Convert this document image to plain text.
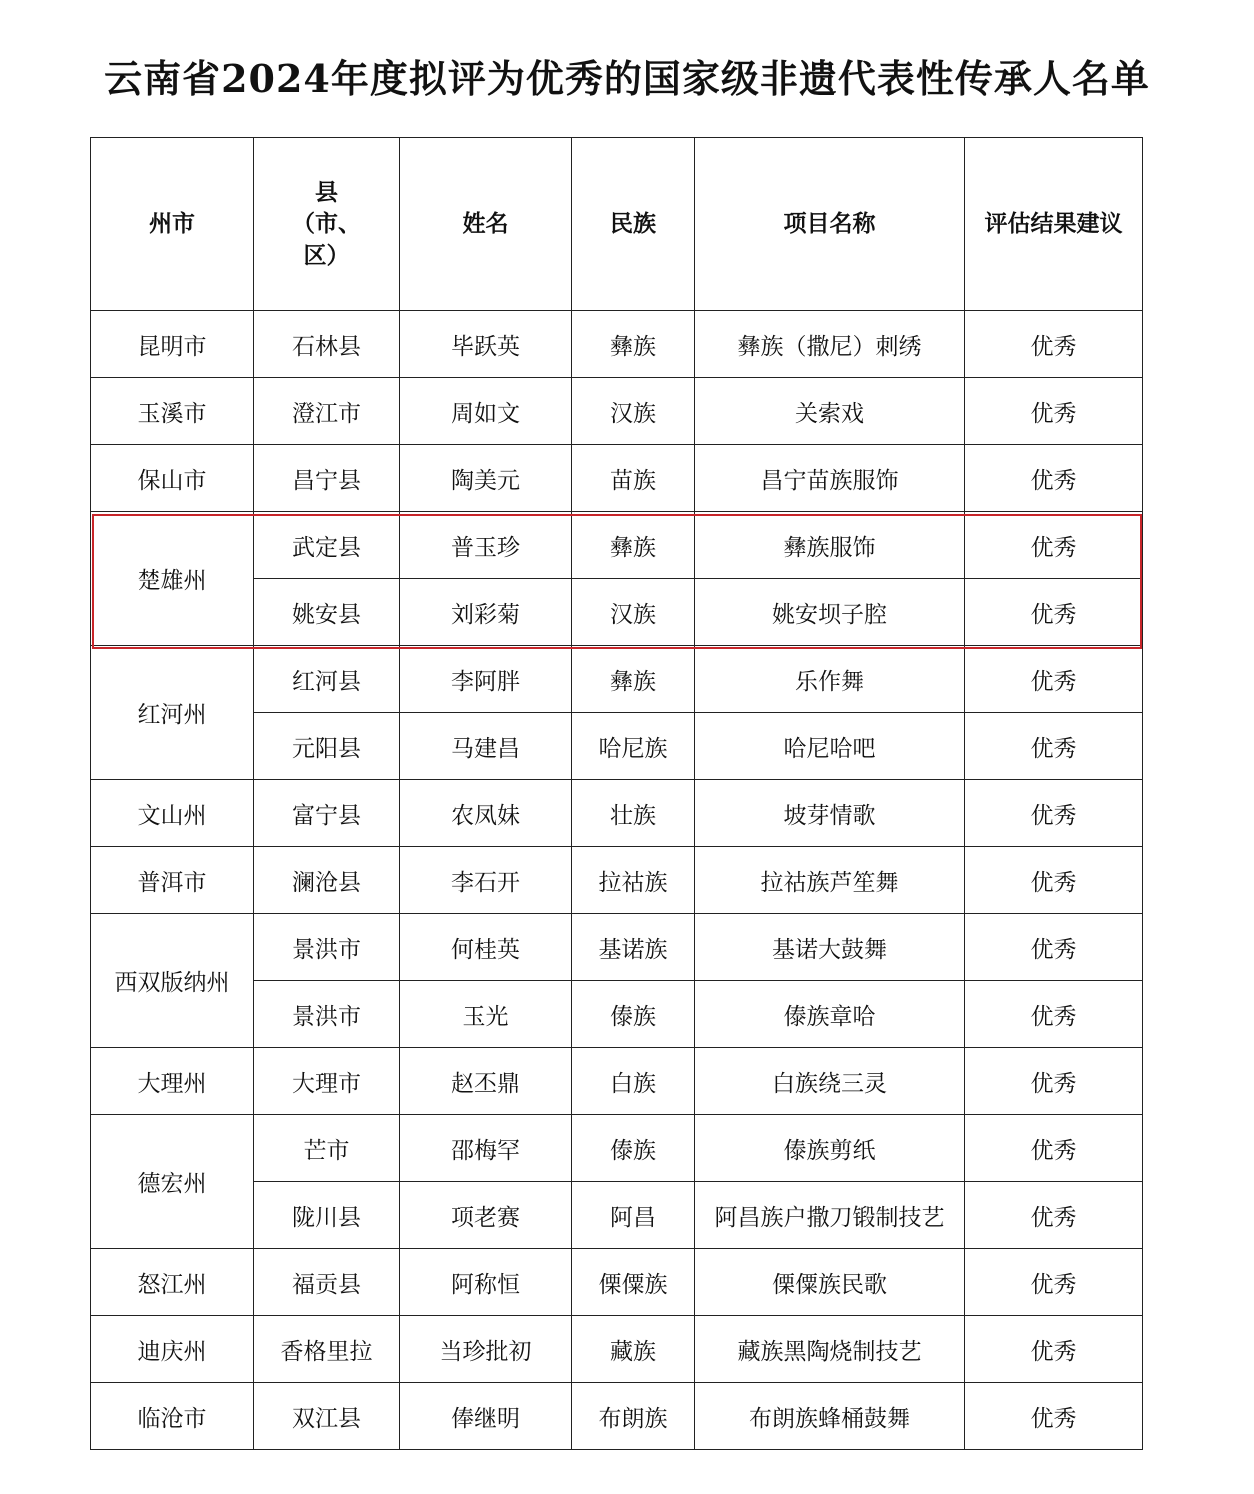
云南省2024年度拟评为优秀的国家级非遗代表性传承人名单
州市	县（市、区）	姓名	民族	项目名称	评估结果建议
昆明市	石林县	毕跃英	彝族	彝族（撒尼）刺绣	优秀
玉溪市	澄江市	周如文	汉族	关索戏	优秀
保山市	昌宁县	陶美元	苗族	昌宁苗族服饰	优秀
楚雄州	武定县	普玉珍	彝族	彝族服饰	优秀
	姚安县	刘彩菊	汉族	姚安坝子腔	优秀
红河州	红河县	李阿胖	彝族	乐作舞	优秀
	元阳县	马建昌	哈尼族	哈尼哈吧	优秀
文山州	富宁县	农凤妹	壮族	坡芽情歌	优秀
普洱市	澜沧县	李石开	拉祜族	拉祜族芦笙舞	优秀
西双版纳州	景洪市	何桂英	基诺族	基诺大鼓舞	优秀
	景洪市	玉光	傣族	傣族章哈	优秀
大理州	大理市	赵丕鼎	白族	白族绕三灵	优秀
德宏州	芒市	邵梅罕	傣族	傣族剪纸	优秀
	陇川县	项老赛	阿昌	阿昌族户撒刀锻制技艺	优秀
怒江州	福贡县	阿称恒	傈僳族	傈僳族民歌	优秀
迪庆州	香格里拉	当珍批初	藏族	藏族黑陶烧制技艺	优秀
临沧市	双江县	俸继明	布朗族	布朗族蜂桶鼓舞	优秀
